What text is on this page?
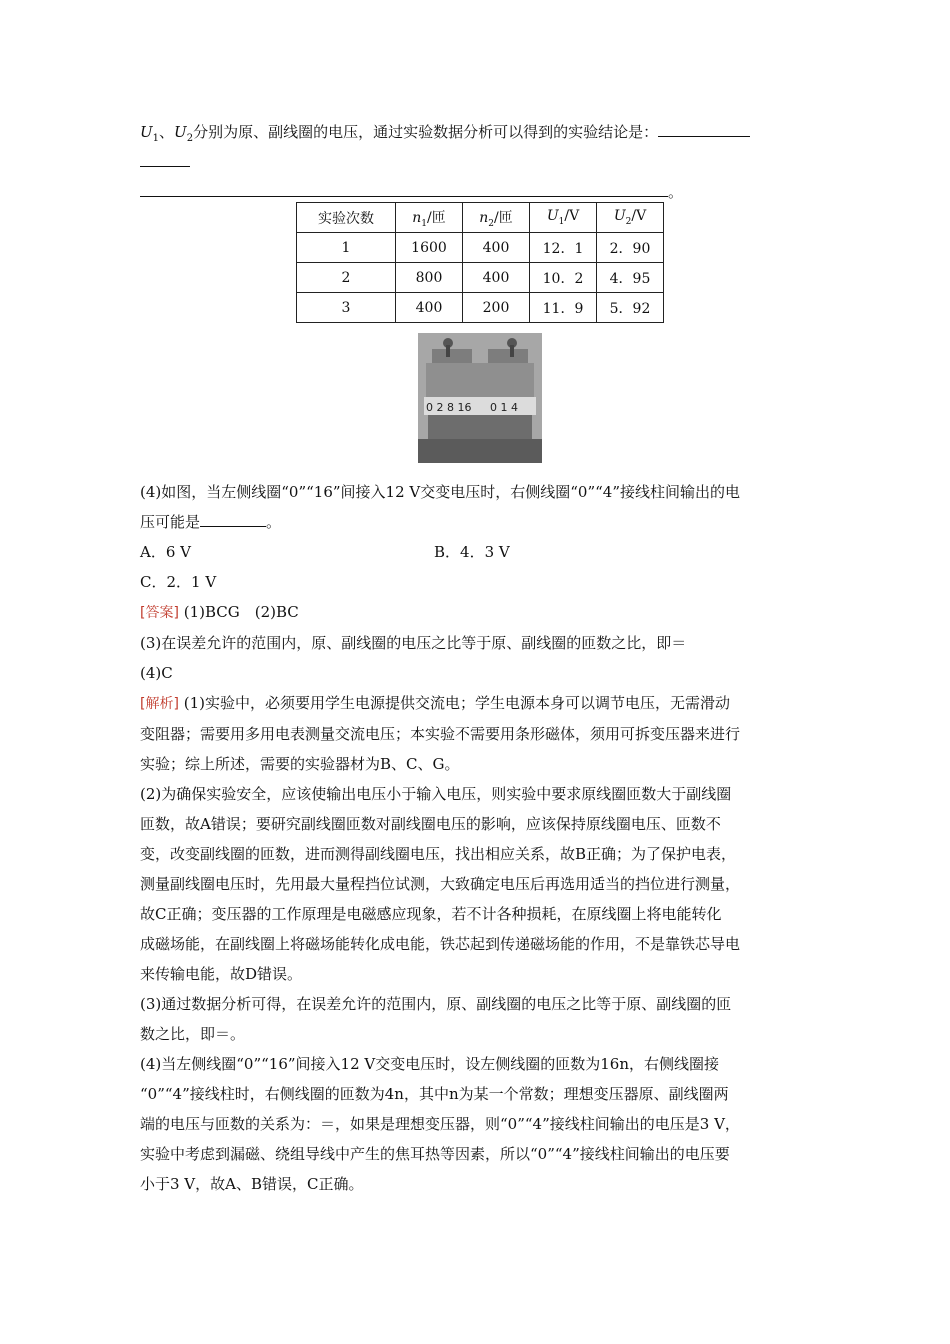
$U_1$、$U_2$分别为原、副线圈的电压，通过实验数据分析可以得到的实验结论是：

。

实验次数	$n_1/$匝	$n_2/$匝	$U_1/V$	$U_2/V$
1	1600	400	12．1	2．90
2	800	400	10．2	4．95
3	400	200	11．9	5．92
0 2 8 16 0 1 4

(4)如图，当左侧线圈“0”“16”间接入12 V交变电压时，右侧线圈“0”“4”接线柱间输出的电

压可能是	。

A．6 V	B．4．3 V
C．2．1 V

[答案] (1)BCG　(2)BC

(3)在误差允许的范围内，原、副线圈的电压之比等于原、副线圈的匝数之比，即＝

(4)C

[解析] (1)实验中，必须要用学生电源提供交流电；学生电源本身可以调节电压，无需滑动

变阻器；需要用多用电表测量交流电压；本实验不需要用条形磁体，须用可拆变压器来进行

实验；综上所述，需要的实验器材为B、C、G。

(2)为确保实验安全，应该使输出电压小于输入电压，则实验中要求原线圈匝数大于副线圈

匝数，故A错误；要研究副线圈匝数对副线圈电压的影响，应该保持原线圈电压、匝数不

变，改变副线圈的匝数，进而测得副线圈电压，找出相应关系，故B正确；为了保护电表，

测量副线圈电压时，先用最大量程挡位试测，大致确定电压后再选用适当的挡位进行测量，

故C正确；变压器的工作原理是电磁感应现象，若不计各种损耗，在原线圈上将电能转化

成磁场能，在副线圈上将磁场能转化成电能，铁芯起到传递磁场能的作用，不是靠铁芯导电

来传输电能，故D错误。

(3)通过数据分析可得，在误差允许的范围内，原、副线圈的电压之比等于原、副线圈的匝

数之比，即＝。

(4)当左侧线圈“0”“16”间接入12 V交变电压时，设左侧线圈的匝数为16n，右侧线圈接

“0”“4”接线柱时，右侧线圈的匝数为4n，其中n为某一个常数；理想变压器原、副线圈两

端的电压与匝数的关系为：＝，如果是理想变压器，则“0”“4”接线柱间输出的电压是3 V，

实验中考虑到漏磁、绕组导线中产生的焦耳热等因素，所以“0”“4”接线柱间输出的电压要

小于3 V，故A、B错误，C正确。
